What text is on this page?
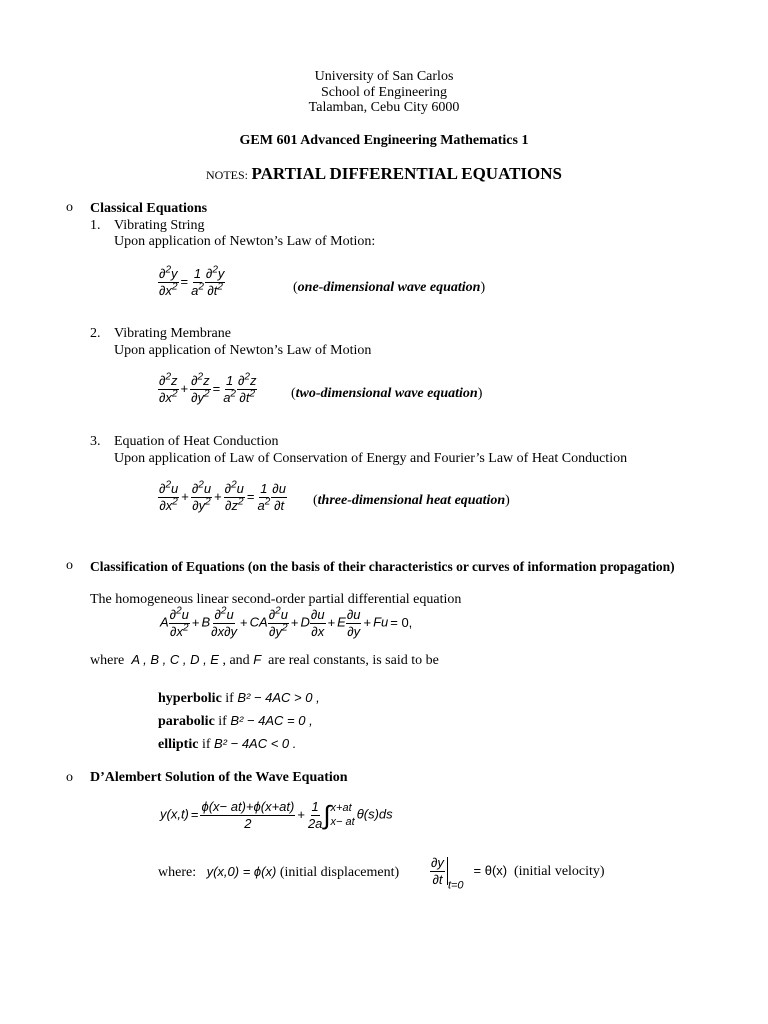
University of San Carlos
School of Engineering
Talamban, Cebu City 6000
GEM 601 Advanced Engineering Mathematics 1
NOTES: PARTIAL DIFFERENTIAL EQUATIONS
o Classical Equations
1. Vibrating String
Upon application of Newton’s Law of Motion:
$\frac{\partial^2y}{\partial x^2} = \frac{1}{a^2} \frac{\partial^2y}{\partial t^2}$	(one-dimensional wave equation)
2. Vibrating Membrane
Upon application of Newton’s Law of Motion
$\frac{\partial^2z}{\partial x^2} + \frac{\partial^2z}{\partial y^2} = \frac{1}{a^2} \frac{\partial^2z}{\partial t^2}$ (two-dimensional wave equation)
3. Equation of Heat Conduction
Upon application of Law of Conservation of Energy and Fourier’s Law of Heat Conduction
$\frac{\partial^2u}{\partial x^2} + \frac{\partial^2u}{\partial y^2} + \frac{\partial^2u}{\partial z^2} = \frac{1}{a^2} \frac{\partial u}{\partial t}$ (three-dimensional heat equation)
o Classification of Equations (on the basis of their characteristics or curves of information propagation)
The homogeneous linear second-order partial differential equation
A $\frac{\partial^2u}{\partial x^2} + B \frac{\partial^2u}{\partial x\partial y}$ + CA $\frac{\partial^2u}{\partial y^2} + D \frac{\partial u}{\partial x} + E \frac{\partial u}{\partial y} + Fu = 0$,
where  A , B , C , D , E , and F are real constants, is said to be
hyperbolic if B² − 4AC > 0 ,
parabolic if B² − 4AC = 0 ,
elliptic if B² − 4AC < 0 .
o D’Alembert Solution of the Wave Equation
$y(x,t) = \frac{\phi(x- at)+\phi(x+at)}{2} + \frac{1}{2a}$ ∫ x+at
x− at
θ(s)ds
where: y(x,0) = ϕ(x) (initial displacement) $\frac{\partial y}{\partial t} _{t=0}= \theta(x)$ (initial velocity)
